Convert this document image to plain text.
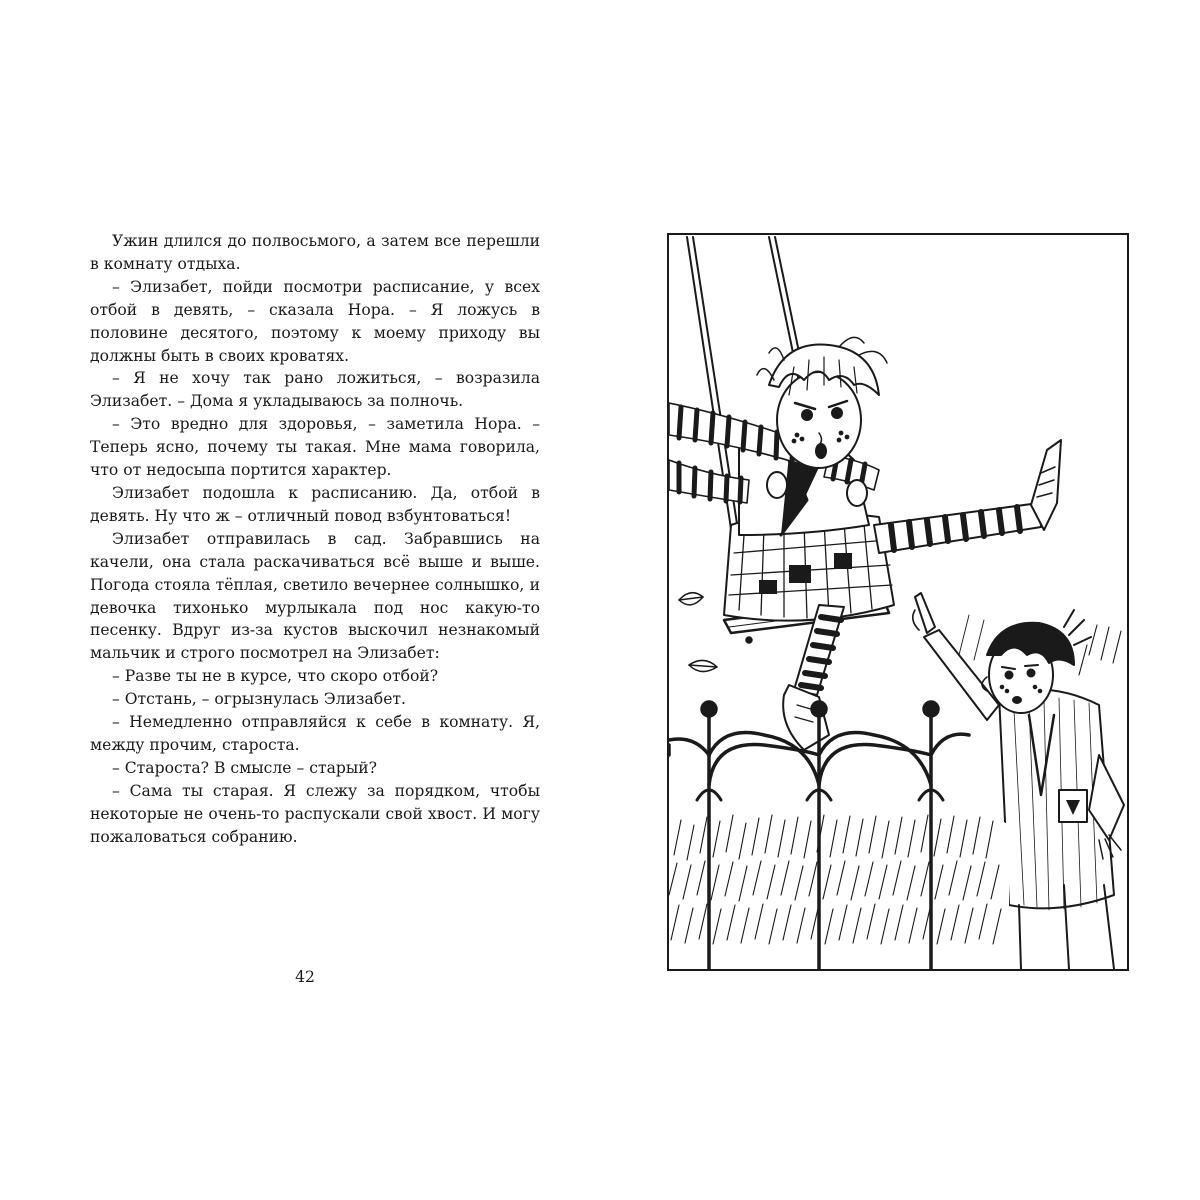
Ужин длился до полвосьмого, а затем все перешли в комнату отдыха.

– Элизабет, пойди посмотри расписание, у всех отбой в девять, – сказала Нора. – Я ложусь в половине десятого, поэтому к моему приходу вы должны быть в своих кроватях.

– Я не хочу так рано ложиться, – возразила Элизабет. – Дома я укладываюсь за полночь.

– Это вредно для здоровья, – заметила Нора. – Теперь ясно, почему ты такая. Мне мама говорила, что от недосыпа портится характер.

Элизабет подошла к расписанию. Да, отбой в девять. Ну что ж – отличный повод взбунтоваться!

Элизабет отправилась в сад. Забравшись на качели, она стала раскачиваться всё выше и выше. Погода стояла тёплая, светило вечернее солнышко, и девочка тихонько мурлыкала под нос какую-то песенку. Вдруг из-за кустов выскочил незнакомый мальчик и строго посмотрел на Элизабет:

– Разве ты не в курсе, что скоро отбой?

– Отстань, – огрызнулась Элизабет.

– Немедленно отправляйся к себе в комнату. Я, между прочим, староста.

– Староста? В смысле – старый?

– Сама ты старая. Я слежу за порядком, чтобы некоторые не очень-то распускали свой хвост. И могу пожаловаться собранию.

42
